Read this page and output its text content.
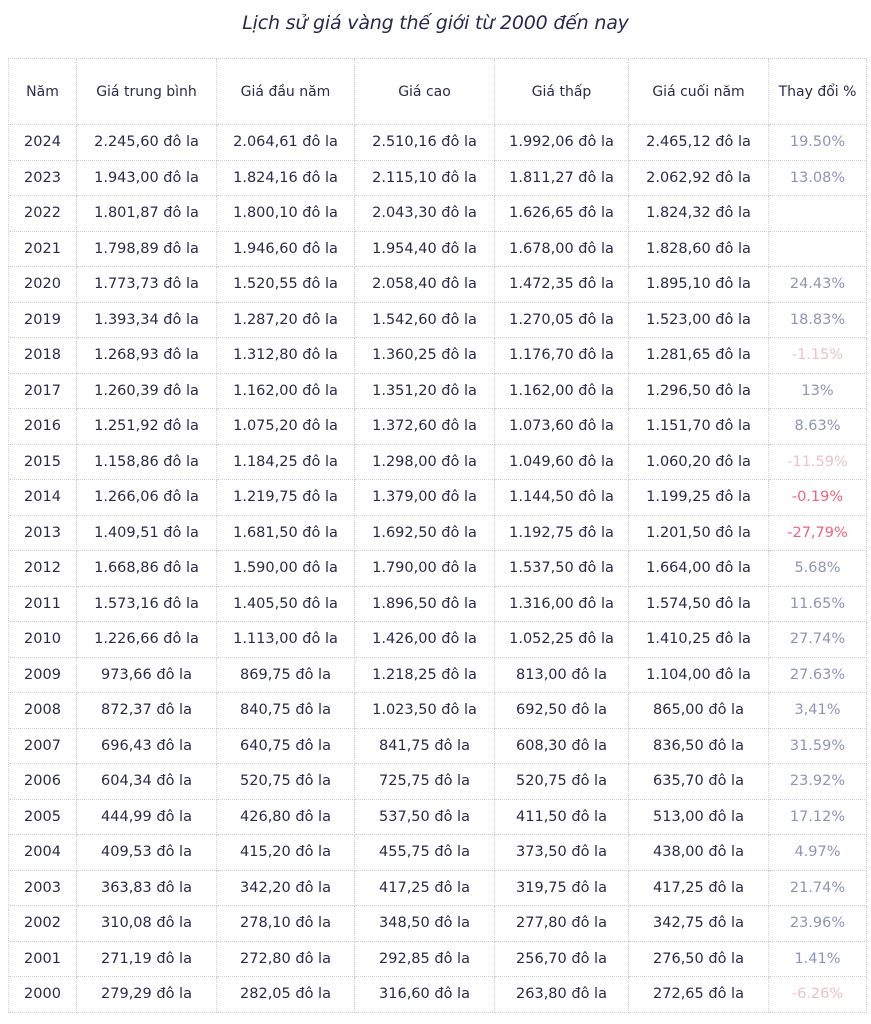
Lịch sử giá vàng thế giới từ 2000 đến nay
Năm	Giá trung bình	Giá đầu năm	Giá cao	Giá thấp	Giá cuối năm	Thay đổi %
2024	2.245,60 đô la	2.064,61 đô la	2.510,16 đô la	1.992,06 đô la	2.465,12 đô la	19.50%
2023	1.943,00 đô la	1.824,16 đô la	2.115,10 đô la	1.811,27 đô la	2.062,92 đô la	13.08%
2022	1.801,87 đô la	1.800,10 đô la	2.043,30 đô la	1.626,65 đô la	1.824,32 đô la	
2021	1.798,89 đô la	1.946,60 đô la	1.954,40 đô la	1.678,00 đô la	1.828,60 đô la	
2020	1.773,73 đô la	1.520,55 đô la	2.058,40 đô la	1.472,35 đô la	1.895,10 đô la	24.43%
2019	1.393,34 đô la	1.287,20 đô la	1.542,60 đô la	1.270,05 đô la	1.523,00 đô la	18.83%
2018	1.268,93 đô la	1.312,80 đô la	1.360,25 đô la	1.176,70 đô la	1.281,65 đô la	-1.15%
2017	1.260,39 đô la	1.162,00 đô la	1.351,20 đô la	1.162,00 đô la	1.296,50 đô la	13%
2016	1.251,92 đô la	1.075,20 đô la	1.372,60 đô la	1.073,60 đô la	1.151,70 đô la	8.63%
2015	1.158,86 đô la	1.184,25 đô la	1.298,00 đô la	1.049,60 đô la	1.060,20 đô la	-11.59%
2014	1.266,06 đô la	1.219,75 đô la	1.379,00 đô la	1.144,50 đô la	1.199,25 đô la	-0.19%
2013	1.409,51 đô la	1.681,50 đô la	1.692,50 đô la	1.192,75 đô la	1.201,50 đô la	-27,79%
2012	1.668,86 đô la	1.590,00 đô la	1.790,00 đô la	1.537,50 đô la	1.664,00 đô la	5.68%
2011	1.573,16 đô la	1.405,50 đô la	1.896,50 đô la	1.316,00 đô la	1.574,50 đô la	11.65%
2010	1.226,66 đô la	1.113,00 đô la	1.426,00 đô la	1.052,25 đô la	1.410,25 đô la	27.74%
2009	973,66 đô la	869,75 đô la	1.218,25 đô la	813,00 đô la	1.104,00 đô la	27.63%
2008	872,37 đô la	840,75 đô la	1.023,50 đô la	692,50 đô la	865,00 đô la	3,41%
2007	696,43 đô la	640,75 đô la	841,75 đô la	608,30 đô la	836,50 đô la	31.59%
2006	604,34 đô la	520,75 đô la	725,75 đô la	520,75 đô la	635,70 đô la	23.92%
2005	444,99 đô la	426,80 đô la	537,50 đô la	411,50 đô la	513,00 đô la	17.12%
2004	409,53 đô la	415,20 đô la	455,75 đô la	373,50 đô la	438,00 đô la	4.97%
2003	363,83 đô la	342,20 đô la	417,25 đô la	319,75 đô la	417,25 đô la	21.74%
2002	310,08 đô la	278,10 đô la	348,50 đô la	277,80 đô la	342,75 đô la	23.96%
2001	271,19 đô la	272,80 đô la	292,85 đô la	256,70 đô la	276,50 đô la	1.41%
2000	279,29 đô la	282,05 đô la	316,60 đô la	263,80 đô la	272,65 đô la	-6.26%
